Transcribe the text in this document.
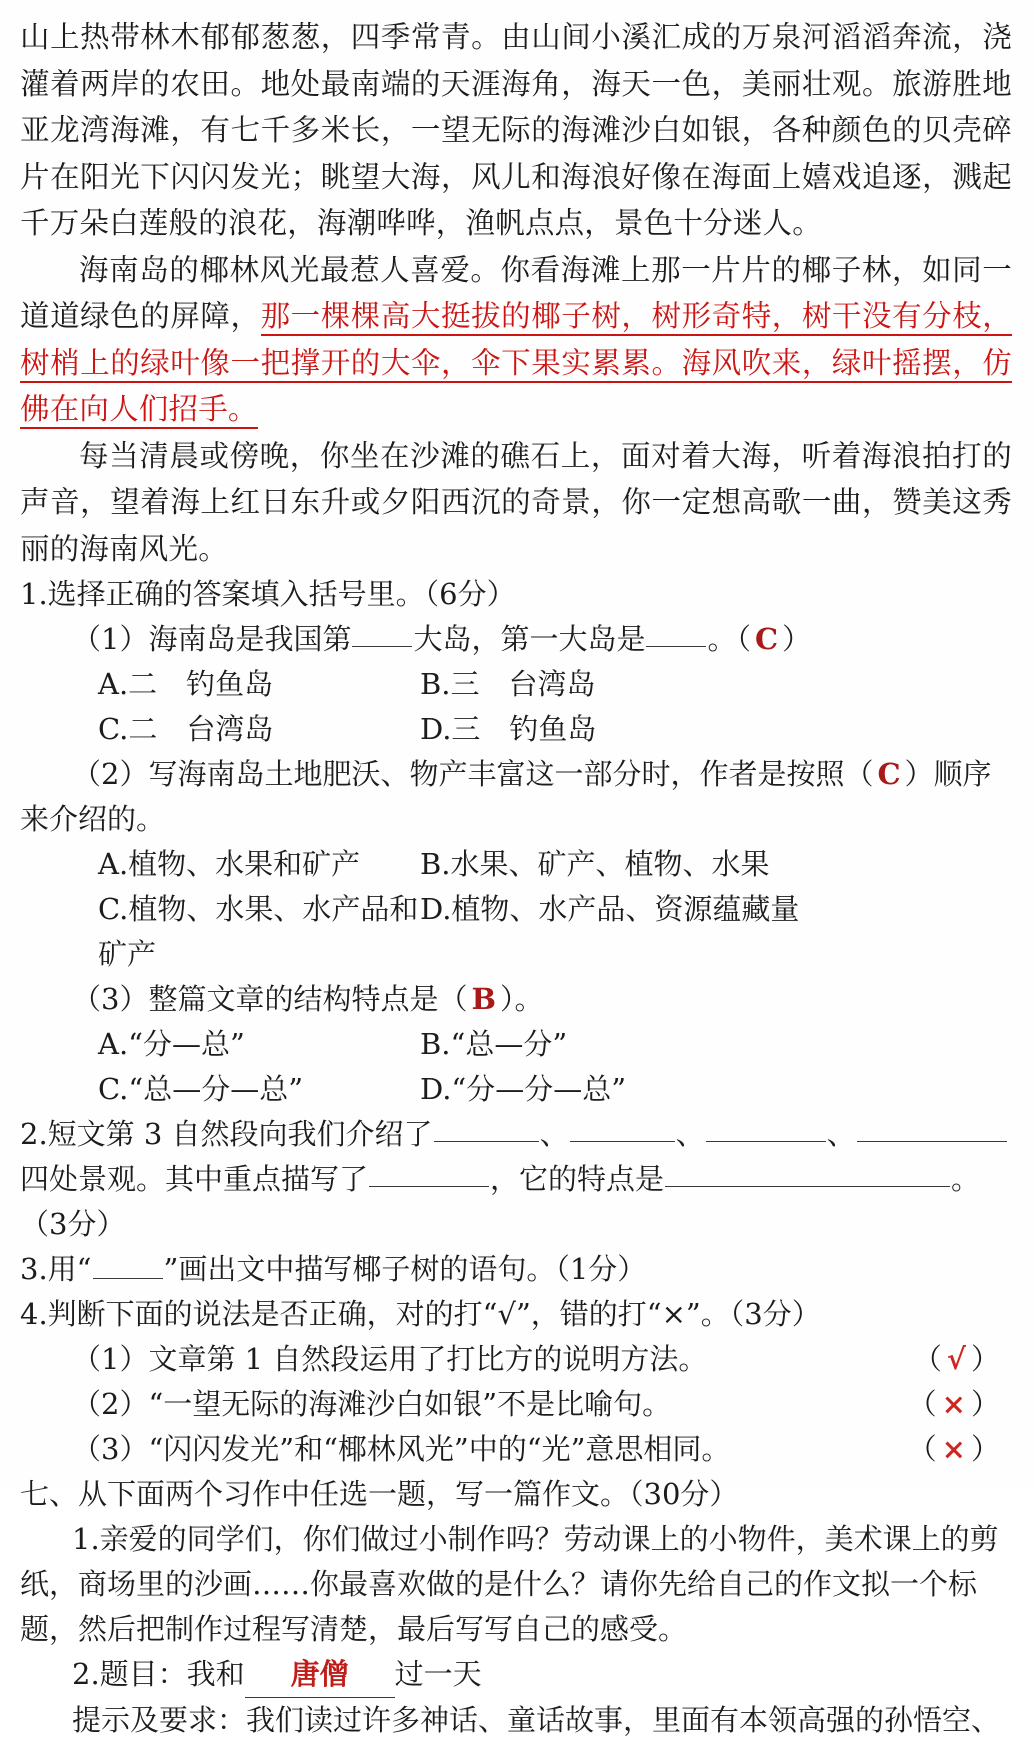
山上热带林木郁郁葱葱，四季常青。由山间小溪汇成的万泉河滔滔奔流，浇灌着两岸的农田。地处最南端的天涯海角，海天一色，美丽壮观。旅游胜地亚龙湾海滩，有七千多米长，一望无际的海滩沙白如银，各种颜色的贝壳碎片在阳光下闪闪发光；眺望大海，风儿和海浪好像在海面上嬉戏追逐，溅起千万朵白莲般的浪花，海潮哗哗，渔帆点点，景色十分迷人。

海南岛的椰林风光最惹人喜爱。你看海滩上那一片片的椰子林，如同一道道绿色的屏障，那一棵棵高大挺拔的椰子树，树形奇特，树干没有分枝，树梢上的绿叶像一把撑开的大伞，伞下果实累累。海风吹来，绿叶摇摆，仿佛在向人们招手。

每当清晨或傍晚，你坐在沙滩的礁石上，面对着大海，听着海浪拍打的声音，望着海上红日东升或夕阳西沉的奇景，你一定想高歌一曲，赞美这秀丽的海南风光。

1.选择正确的答案填入括号里。（6分）

（1）海南岛是我国第 大岛，第一大岛是 。（ C ）

A.二　钓鱼岛	B.三　台湾岛
C.二　台湾岛	D.三　钓鱼岛

（2）写海南岛土地肥沃、物产丰富这一部分时，作者是按照（ C ）顺序来介绍的。

A.植物、水果和矿产	B.水果、矿产、植物、水果
C.植物、水果、水产品和矿产
D.植物、水产品、资源蕴藏量

（3）整篇文章的结构特点是（ B ）。

A.“分—总”	B.“总—分”
C.“总—分—总”	D.“分—分—总”

2.短文第 3 自然段向我们介绍了	、	、	、四处景观。其中重点描写了	，它的特点是	。（3分）

3.用“ ”画出文中描写椰子树的语句。（1分）

4.判断下面的说法是否正确，对的打“√”，错的打“×”。（3分）

（1）文章第 1 自然段运用了打比方的说明方法。	（ √ ）
（2）“一望无际的海滩沙白如银”不是比喻句。	（ × ）
（3）“闪闪发光”和“椰林风光”中的“光”意思相同。	（ × ）

七、从下面两个习作中任选一题，写一篇作文。（30分）

1.亲爱的同学们，你们做过小制作吗？劳动课上的小物件，美术课上的剪纸，商场里的沙画……你最喜欢做的是什么？请你先给自己的作文拟一个标题，然后把制作过程写清楚，最后写写自己的感受。

2.题目：我和 唐僧 过一天

提示及要求：我们读过许多神话、童话故事，里面有本领高强的孙悟空、
